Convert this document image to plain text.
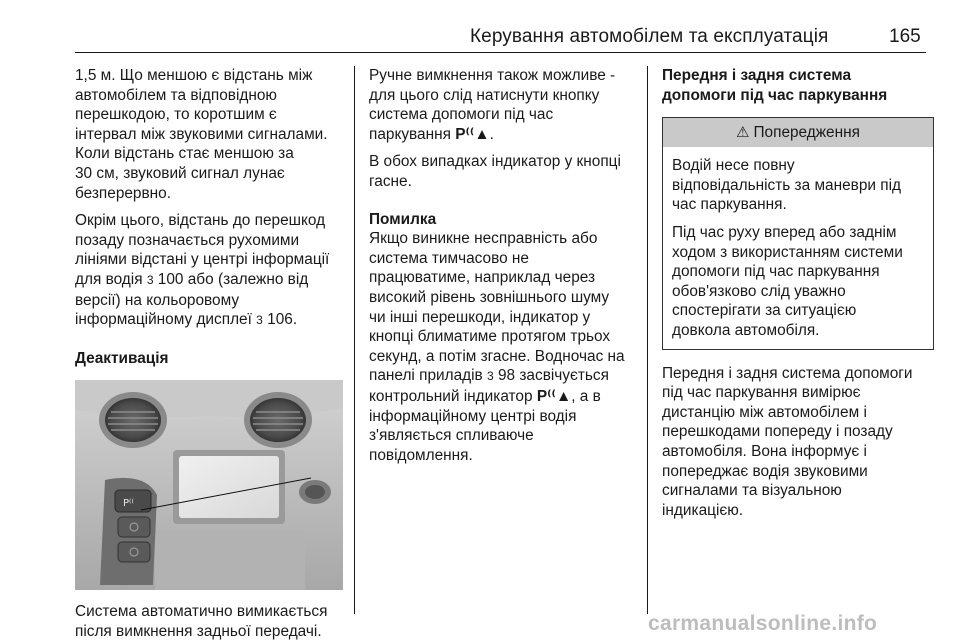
Керування автомобілем та експлуатація	165
1,5 м. Що меншою є відстань між
автомобілем та відповідною
перешкодою, то коротшим є
інтервал між звуковими сигналами.
Коли відстань стає меншою за
30 см, звуковий сигнал лунає
безперервно.
Окрім цього, відстань до перешкод
позаду позначається рухомими
лініями відстані у центрі інформації
для водія 3 100 або (залежно від
версії) на кольоровому
інформаційному дисплеї 3 106.
Деактивація
P⁽⁽
Система автоматично вимикається
після вимкнення задньої передачі.
Ручне вимкнення також можливе -
для цього слід натиснути кнопку
система допомоги під час
паркування P⁽⁽▲.
В обох випадках індикатор у кнопці
гасне.
Помилка
Якщо виникне несправність або
система тимчасово не
працюватиме, наприклад через
високий рівень зовнішнього шуму
чи інші перешкоди, індикатор у
кнопці блиматиме протягом трьох
секунд, а потім згасне. Водночас на
панелі приладів 3 98 засвічується
контрольний індикатор P⁽⁽▲, а в
інформаційному центрі водія
з'являється спливаюче
повідомлення.
Передня і задня система
допомоги під час паркування
⚠ Попередження
Водій несе повну
відповідальність за маневри під
час паркування.
Під час руху вперед або заднім
ходом з використанням системи
допомоги під час паркування
обов'язково слід уважно
спостерігати за ситуацією
довкола автомобіля.
Передня і задня система допомоги
під час паркування вимірює
дистанцію між автомобілем і
перешкодами попереду і позаду
автомобіля. Вона інформує і
попереджає водія звуковими
сигналами та візуальною
індикацією.
carmanualsonline.info
